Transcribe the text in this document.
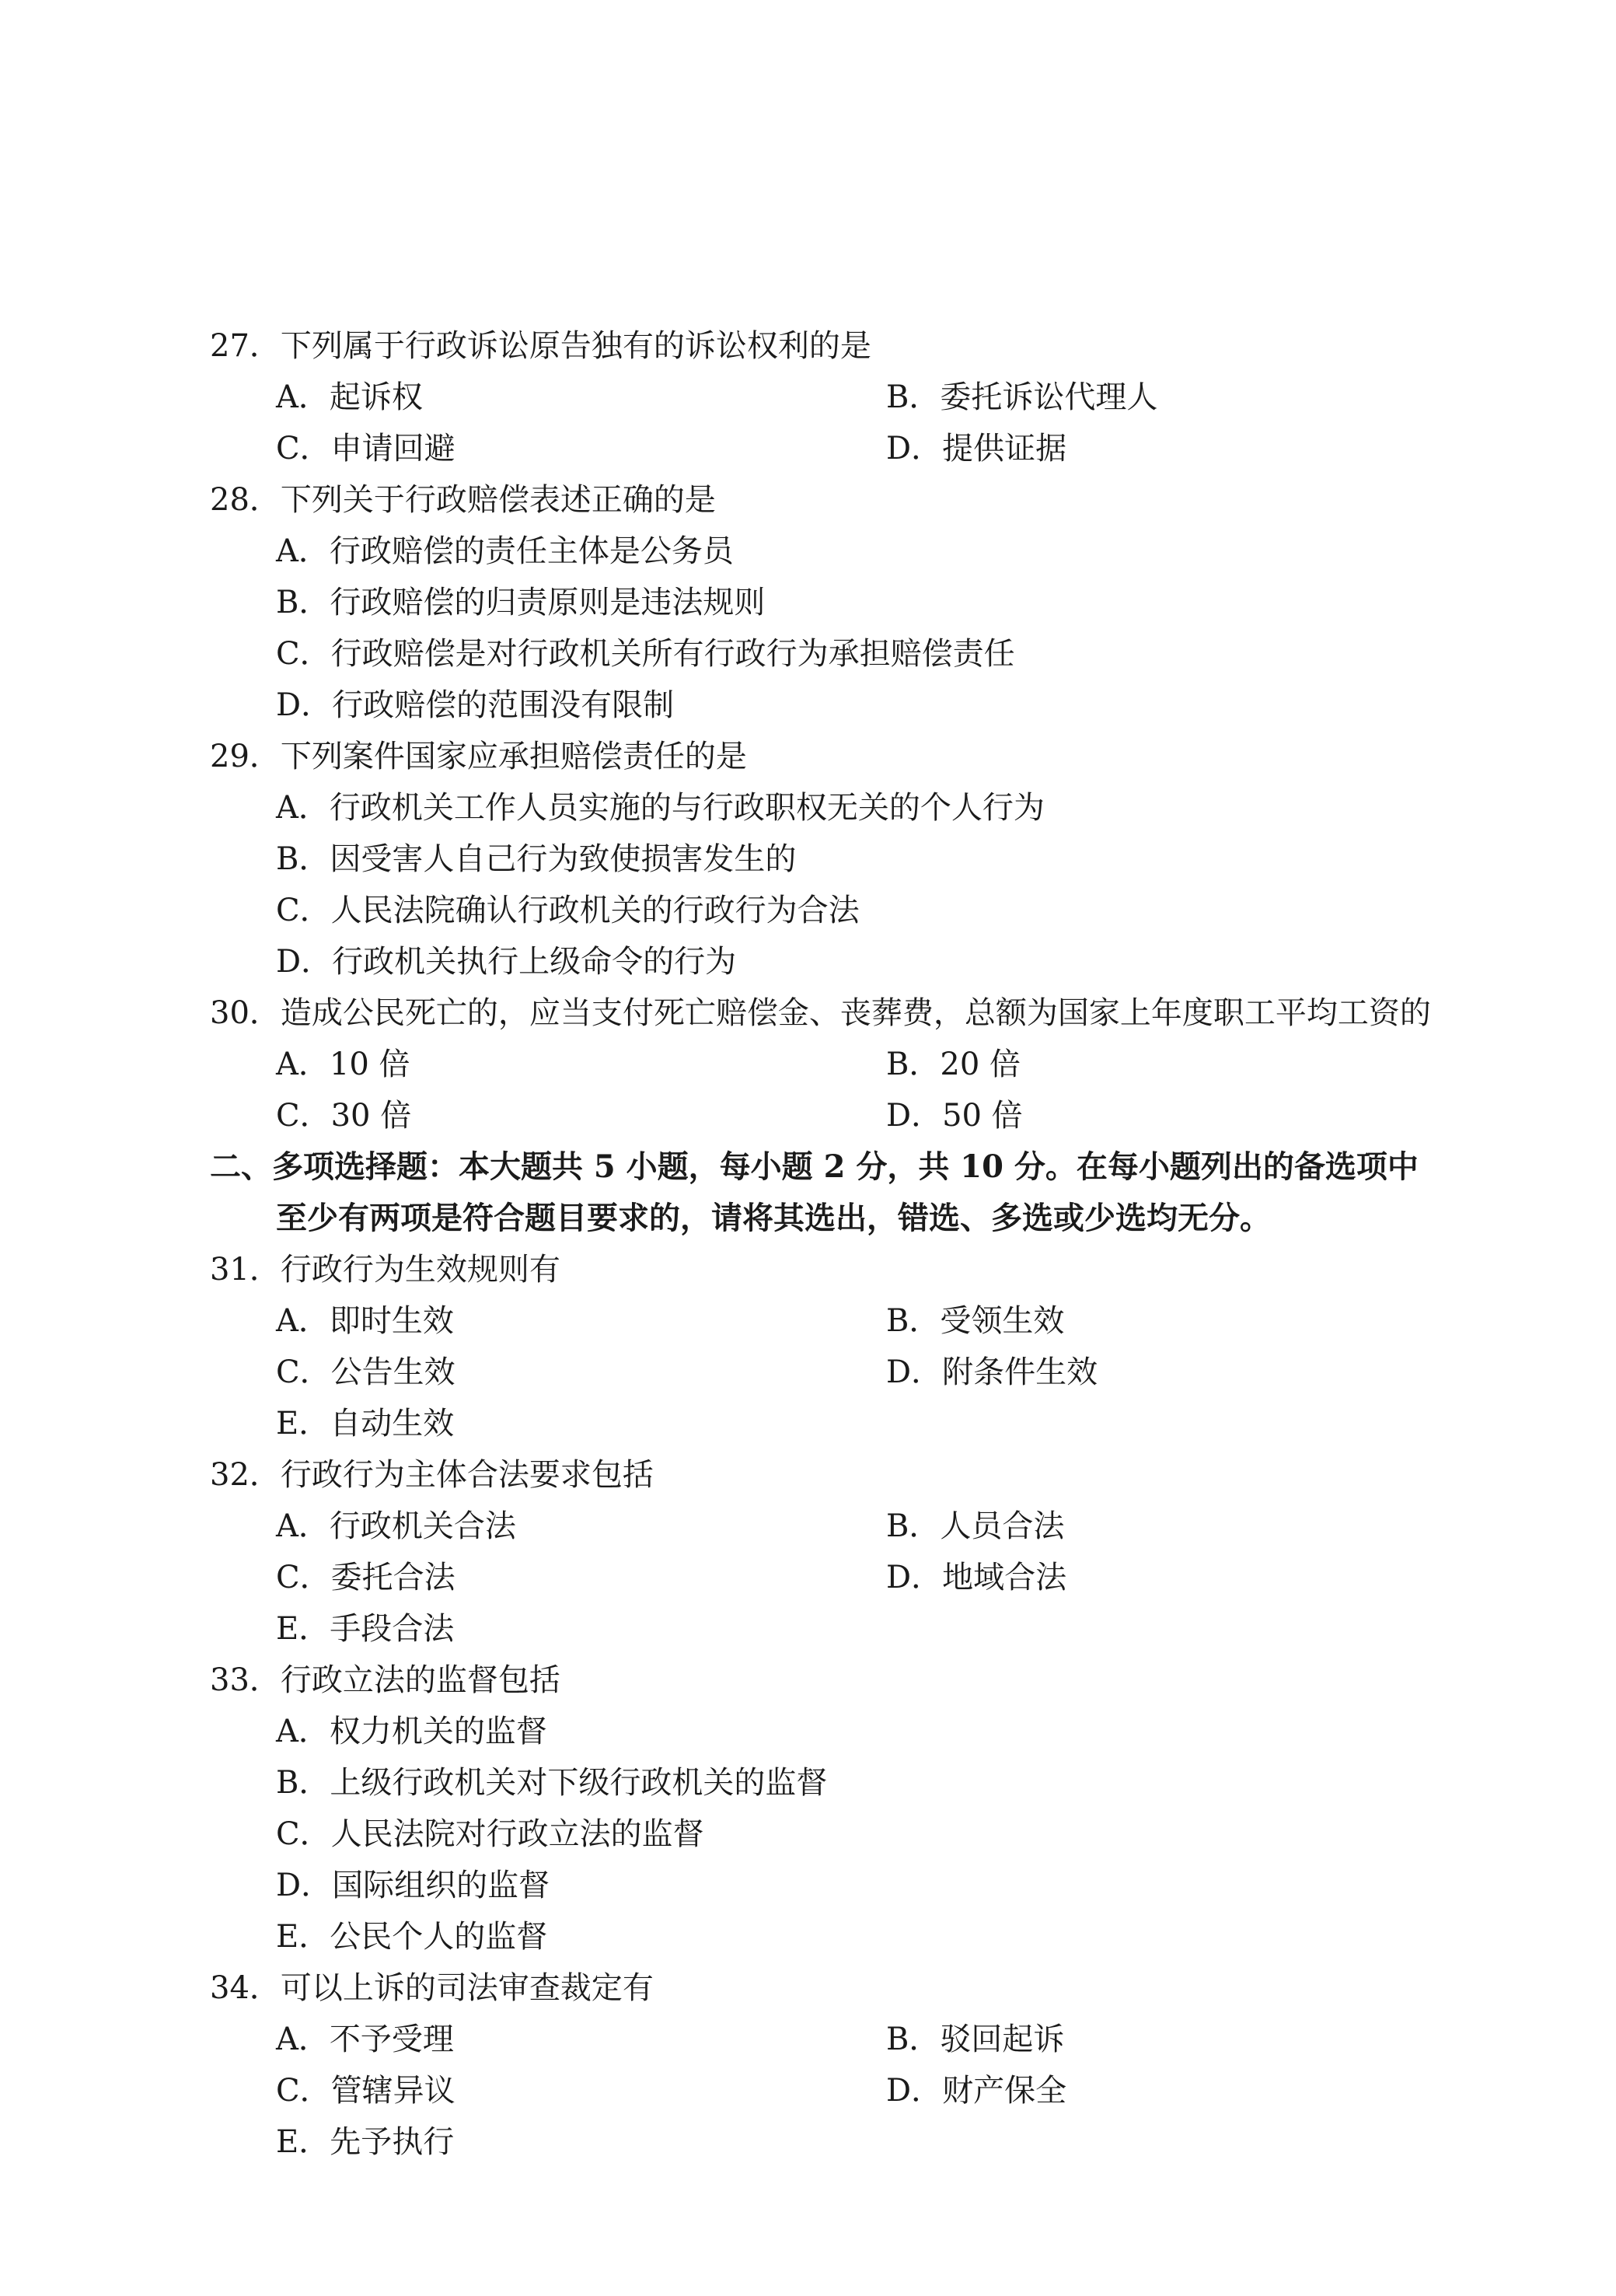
27．下列属于行政诉讼原告独有的诉讼权利的是
A．起诉权	B．委托诉讼代理人
C．申请回避	D．提供证据
28．下列关于行政赔偿表述正确的是
A．行政赔偿的责任主体是公务员
B．行政赔偿的归责原则是违法规则
C．行政赔偿是对行政机关所有行政行为承担赔偿责任
D．行政赔偿的范围没有限制
29．下列案件国家应承担赔偿责任的是
A．行政机关工作人员实施的与行政职权无关的个人行为
B．因受害人自己行为致使损害发生的
C．人民法院确认行政机关的行政行为合法
D．行政机关执行上级命令的行为
30．造成公民死亡的，应当支付死亡赔偿金、丧葬费，总额为国家上年度职工平均工资的
A．10 倍	B．20 倍
C．30 倍	D．50 倍
二、多项选择题：本大题共 5 小题，每小题 2 分，共 10 分。在每小题列出的备选项中
至少有两项是符合题目要求的，请将其选出，错选、多选或少选均无分。
31．行政行为生效规则有
A．即时生效	B．受领生效
C．公告生效	D．附条件生效
E．自动生效
32．行政行为主体合法要求包括
A．行政机关合法	B．人员合法
C．委托合法	D．地域合法
E．手段合法
33．行政立法的监督包括
A．权力机关的监督
B．上级行政机关对下级行政机关的监督
C．人民法院对行政立法的监督
D．国际组织的监督
E．公民个人的监督
34．可以上诉的司法审查裁定有
A．不予受理	B．驳回起诉
C．管辖异议	D．财产保全
E．先予执行
